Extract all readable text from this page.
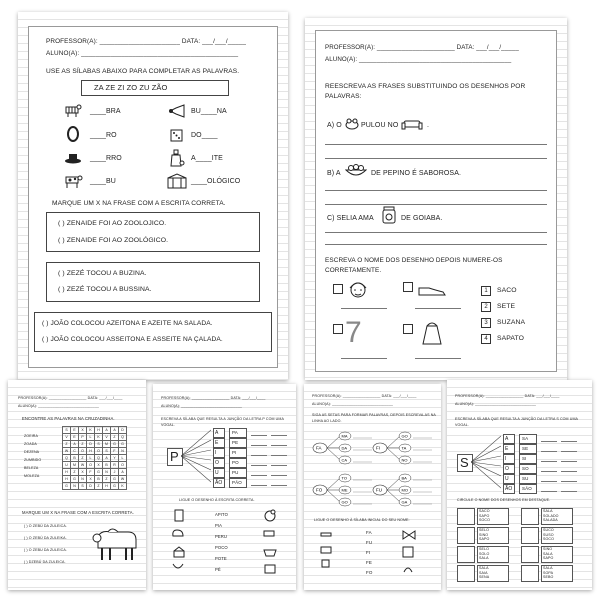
PROFESSOR(A): ______________________ DATA: ___/___/_____
ALUNO(A): ___________________________________________
USE AS SÍLABAS ABAIXO PARA COMPLETAR AS PALAVRAS.
ZA ZE ZI ZO ZU ZÃO
____BRA
____RO
____RRO
____BU
BU____NA
DO____
A____ITE
____OLÓGICO
MARQUE UM X NA FRASE COM A ESCRITA CORRETA.
( ) ZENAIDE FOI AO ZOOLOJICO.
( ) ZENAIDE FOI AO ZOOLÓGICO.
( ) ZEZÉ TOCOU A BUZINA.
( ) ZEZÉ TOCOU A BUSSINA.
( ) JOÃO COLOCOU AZEITONA E AZEITE NA SALADA.
( ) JOÃO COLOCOU ASSEITONA E ASSEITE NA ÇALADA.
PROFESSOR(A): ______________________ DATA: ___/___/_____
ALUNO(A): ___________________________________________
REESCREVA AS FRASES SUBSTITUINDO OS DESENHOS POR PALAVRAS:
A) O	PULOU NO	.
B) A	DE PEPINO É SABOROSA.
C) SELIA AMA	DE GOIABA.
ESCREVA O NOME DOS DESENHO DEPOIS NUMERE-OS CORRETAMENTE.
7
1	SACO
2	SETE
3	SUZANA
4	SAPATO
PROFESSOR(A): __________________ DATA: ___/___/____
ALUNO(A): _____________________________
ENCONTRE AS PALAVRAS NA CRUZADINHA.
ZOEIRA
ZOADA
DEZENA
ZUMBIDO
BELEZA
MOLEZA
S	E	X	K	H	A	A	D
V	E	P	L	K	V	Z	Q
Z	A	Z	D	S	M	G	G
W	C	O	H	O	S	F	N
Q	B	Z	L	Q	A	Y	L
U	M	W	O	X	B	R	O
H	Z	X	F	G	N	J	A
H	G	N	X	B	Z	G	W
G	N	S	D	Z	H	G	K
MARQUE UM X NA FRASE COM A ESCRITA CORRETA.
( ) O ZEBÚ DA ZULEICA.
( ) O ZEBÚ DA ZULEIKA.
( ) O ZEBU DA ZULEICA.
( ) DZEBÚ DA ZULEICA.
PROFESSOR(A): __________________ DATA: ___/___/____
ALUNO(A): _____________________________
ESCREVA A SÍLABA QUE RESULTA A JUNÇÃO DA LETRA P COM UMA VOGAL.
P
A	PA
E	PE
I	PI
O	PO
U	PU
ÃO PÃO
LIGUE O DESENHO À ESCRITA CORRETA.
APITO
PIA
PERU
POCO
POTE
PÉ
PROFESSOR(A): __________________ DATA: ___/___/____
ALUNO(A): _____________________________
SIGA AS SETAS PARA FORMAR PALAVRAS, DEPOIS ESCREVA-AS NA LINHA AO LADO.
FA
MA
DA
CA
FI
GO
TA
NO
FO
TO
ME
GO
FU
BA
MO
GA
LIGUE O DESENHO À SÍLABA INICIAL DO SEU NOME:
FA
FU
FI
FE
FO
PROFESSOR(A): __________________ DATA: ___/___/____
ALUNO(A): _____________________________
ESCREVA A SÍLABA QUE RESULTA A JUNÇÃO DA LETRA S COM UMA VOGAL.
S
A	SA
E	SE
I	SI
O	SO
U	SU
ÃO SÃO
CIRCULE O NOME DOS DESENHOS EM DESTAQUE.
SACO
SAPO
SOCO
SALA
SOLADO
SALADA
SELO
SINO
SAPO
SUCO
SUSO
SOCO
SELO
SOLO
SALA
SINO
SALA
SAPO
SALA
SAIA
SENA
SALA
SOPA
SEBO
